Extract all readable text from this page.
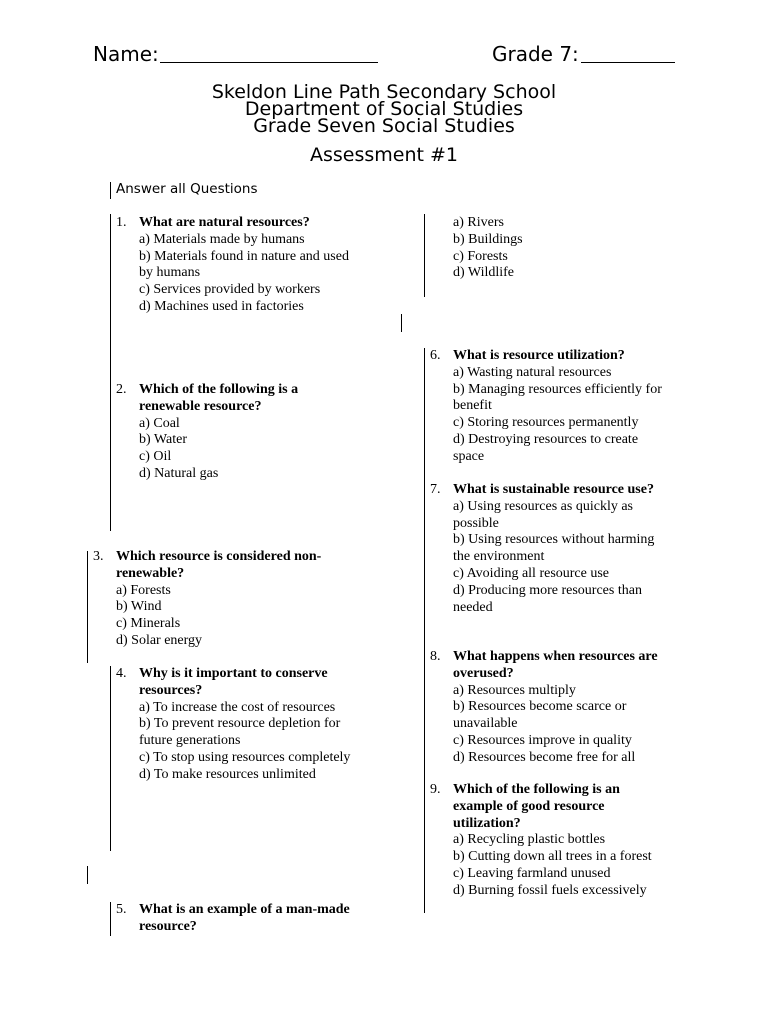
Name:	Grade 7:
Skeldon Line Path Secondary School
Department of Social Studies
Grade Seven Social Studies
Assessment #1
Answer all Questions
1. What are natural resources?
a) Materials made by humans
b) Materials found in nature and used by humans
c) Services provided by workers
d) Machines used in factories
2. Which of the following is a renewable resource?
a) Coal
b) Water
c) Oil
d) Natural gas
3. Which resource is considered non-renewable?
a) Forests
b) Wind
c) Minerals
d) Solar energy
4. Why is it important to conserve resources?
a) To increase the cost of resources
b) To prevent resource depletion for future generations
c) To stop using resources completely
d) To make resources unlimited
5. What is an example of a man-made resource?
a) Rivers
b) Buildings
c) Forests
d) Wildlife
6. What is resource utilization?
a) Wasting natural resources
b) Managing resources efficiently for benefit
c) Storing resources permanently
d) Destroying resources to create space
7. What is sustainable resource use?
a) Using resources as quickly as possible
b) Using resources without harming the environment
c) Avoiding all resource use
d) Producing more resources than needed
8. What happens when resources are overused?
a) Resources multiply
b) Resources become scarce or unavailable
c) Resources improve in quality
d) Resources become free for all
9. Which of the following is an example of good resource utilization?
a) Recycling plastic bottles
b) Cutting down all trees in a forest
c) Leaving farmland unused
d) Burning fossil fuels excessively
